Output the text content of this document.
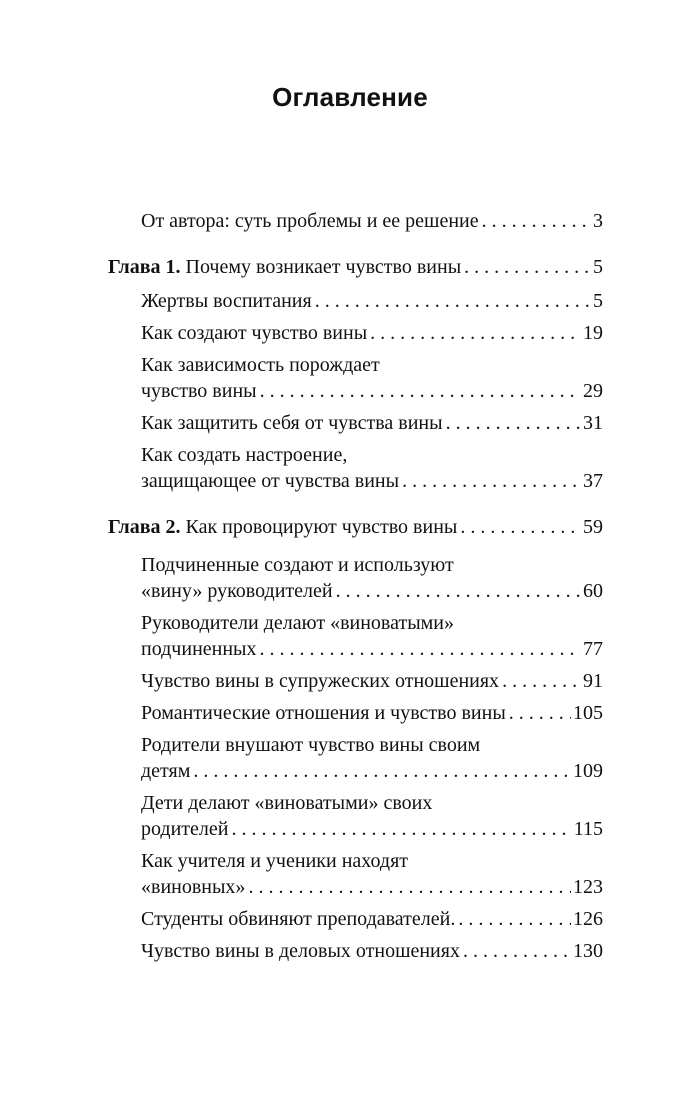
Оглавление
От автора: суть проблемы и ее решение . . .	3
Глава 1. Почему возникает чувство вины . . .	5
Жертвы воспитания . . .	5
Как создают чувство вины . . .	19
Как зависимость порождает
чувство вины . . .	29
Как защитить себя от чувства вины . . .	31
Как создать настроение,
защищающее от чувства вины . . .	37
Глава 2. Как провоцируют чувство вины . . .	59
Подчиненные создают и используют
«вину» руководителей . . .	60
Руководители делают «виноватыми»
подчиненных . . .	77
Чувство вины в супружеских отношениях . . .	91
Романтические отношения и чувство вины . . .	105
Родители внушают чувство вины своим
детям . . .	109
Дети делают «виноватыми» своих
родителей . . .	115
Как учителя и ученики находят
«виновных» . . .	123
Студенты обвиняют преподавателей. . . .	126
Чувство вины в деловых отношениях . . .	130
